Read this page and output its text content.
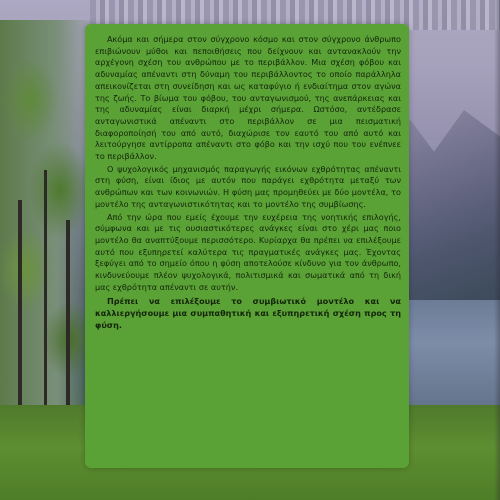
Ακόμα και σήμερα στον σύγχρονο κόσμο και στον σύγχρονο άνθρωπο επιβιώνουν μύθοι και πεποιθήσεις που δείχνουν και αντανακλούν την αρχέγονη σχέση του ανθρώπου με το περιβάλλον. Μια σχέση φόβου και αδυναμίας απέναντι στη δύναμη του περιβάλλοντος το οποίο παράλληλα απεικονίζεται στη συνείδηση και ως καταφύγιο ή ενδιαίτημα στον αγώνα της ζωής. Το βίωμα του φόβου, του ανταγωνισμού, της ανεπάρκειας και της αδυναμίας είναι διαρκή μέχρι σήμερα. Ωστόσο, αντέδρασε ανταγωνιστικά απέναντι στο περιβάλλον σε μια πεισματική διαφοροποίησή του από αυτό, διαχώρισε τον εαυτό του από αυτό και λειτούργησε αντίρροπα απέναντι στο φόβο και την ισχύ που του ενέπνεε το περιβάλλον.

Ο ψυχολογικός μηχανισμός παραγωγής εικόνων εχθρότητας απέναντι στη φύση, είναι ίδιος με αυτόν που παράγει εχθρότητα μεταξύ των ανθρώπων και των κοινωνιών. Η φύση μας προμηθεύει με δύο μοντέλα, το μοντέλο της ανταγωνιστικότητας και το μοντέλο της συμβίωσης.

Από την ώρα που εμείς έχουμε την ευχέρεια της νοητικής επιλογής, σύμφωνα και με τις ουσιαστικότερες ανάγκες είναι στο χέρι μας ποιο μοντέλο θα αναπτύξουμε περισσότερο. Κυρίαρχα θα πρέπει να επιλέξουμε αυτό που εξυπηρετεί καλύτερα τις πραγματικές ανάγκες μας. Έχοντας ξεφύγει από το σημείο όπου η φύση αποτελούσε κίνδυνο για τον άνθρωπο, κινδυνεύουμε πλέον ψυχολογικά, πολιτισμικά και σωματικά από τη δική μας εχθρότητα απέναντι σε αυτήν.

Πρέπει να επιλέξουμε το συμβιωτικό μοντέλο και να καλλιεργήσουμε μια συμπαθητική και εξυπηρετική σχέση προς τη φύση.
